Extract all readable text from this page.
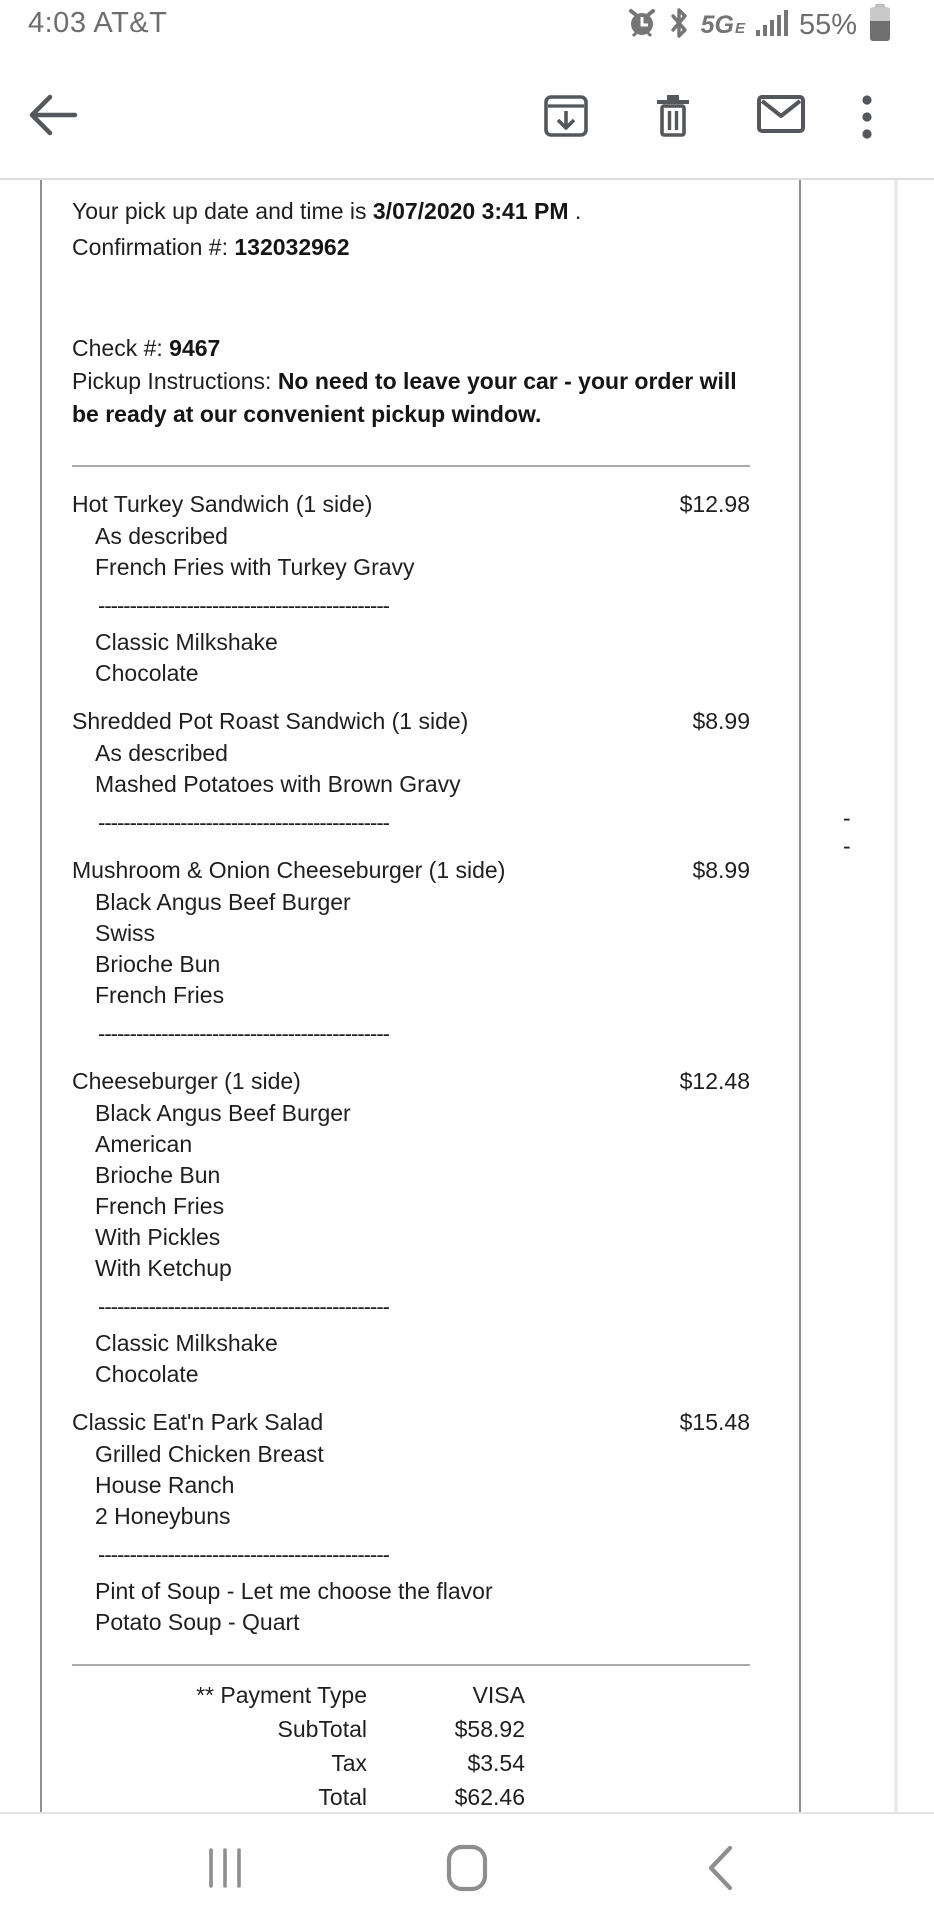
4:03 AT&T	5G E 55%
-
-
Your pick up date and time is 3/07/2020 3:41 PM .
Confirmation #: 132032962
Check #: 9467
Pickup Instructions: No need to leave your car - your order will be ready at our convenient pickup window.
Hot Turkey Sandwich (1 side)	$12.98
As described
French Fries with Turkey Gravy
----------------------------------------------
Classic Milkshake
Chocolate
Shredded Pot Roast Sandwich (1 side)	$8.99
As described
Mashed Potatoes with Brown Gravy
----------------------------------------------
Mushroom & Onion Cheeseburger (1 side)	$8.99
Black Angus Beef Burger
Swiss
Brioche Bun
French Fries
----------------------------------------------
Cheeseburger (1 side)	$12.48
Black Angus Beef Burger
American
Brioche Bun
French Fries
With Pickles
With Ketchup
----------------------------------------------
Classic Milkshake
Chocolate
Classic Eat'n Park Salad	$15.48
Grilled Chicken Breast
House Ranch
2 Honeybuns
----------------------------------------------
Pint of Soup - Let me choose the flavor
Potato Soup - Quart
** Payment Type	VISA
SubTotal	$58.92
Tax	$3.54
Total	$62.46
